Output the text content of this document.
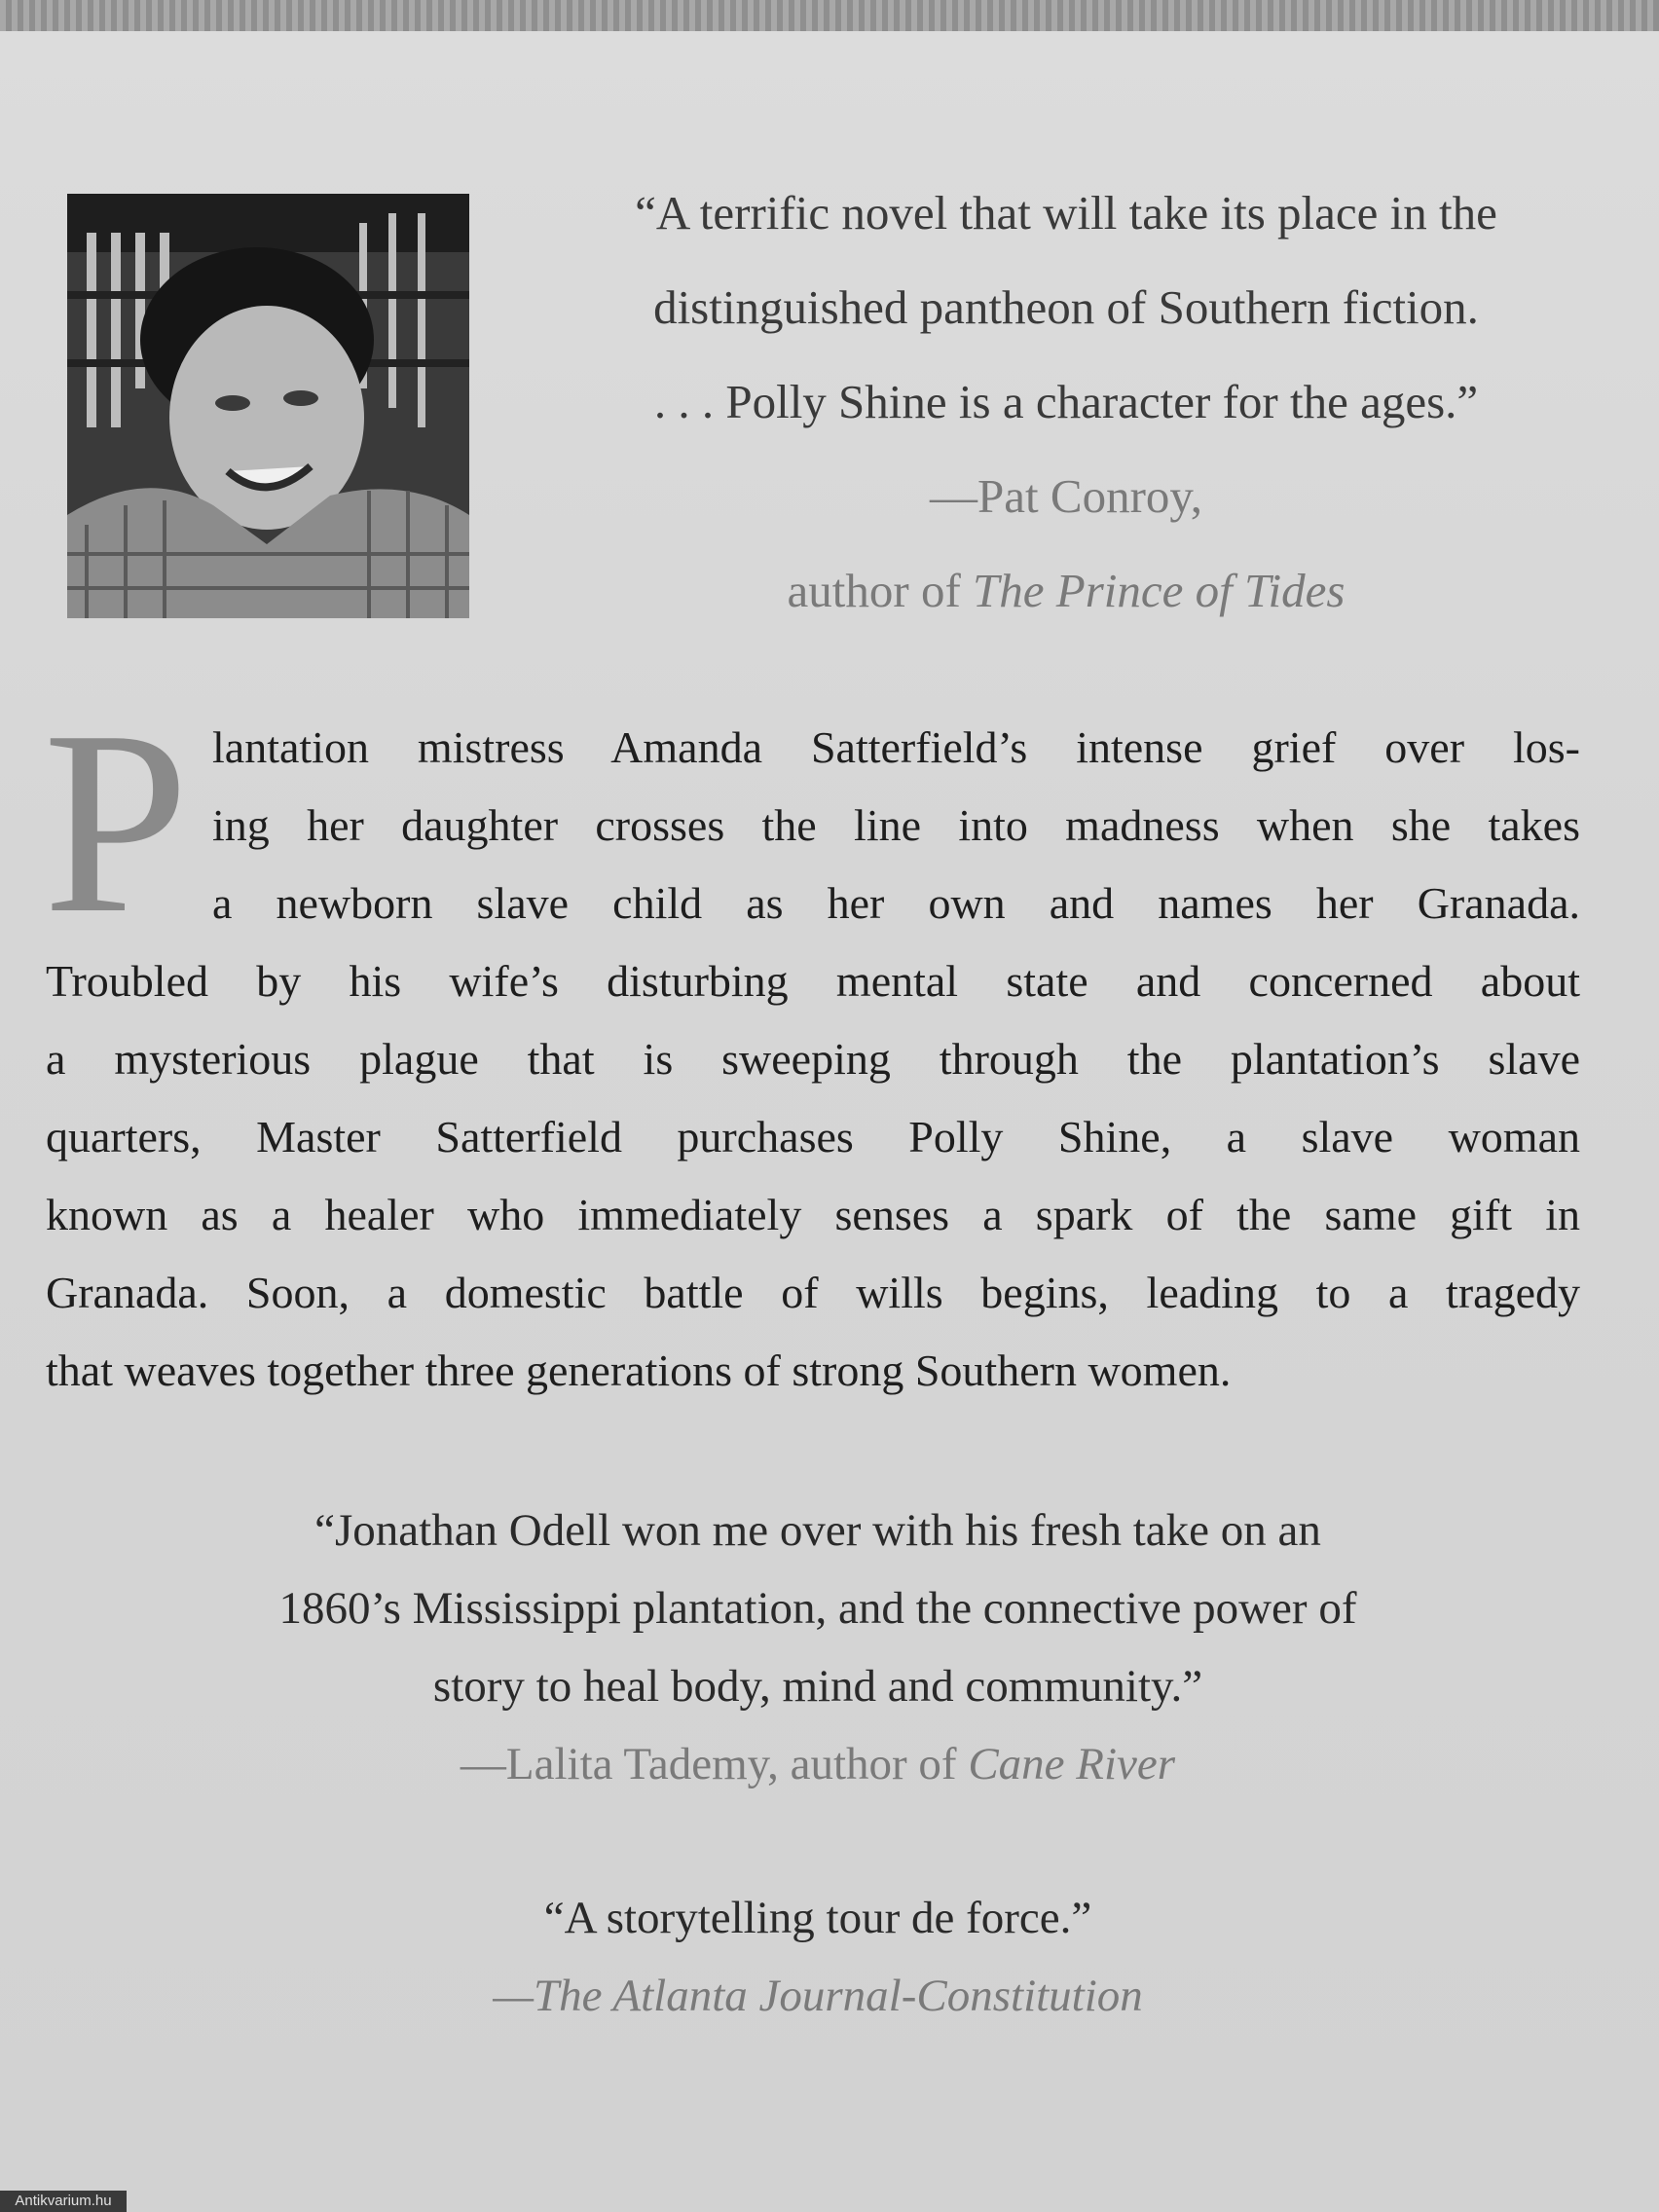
“A terrific novel that will take its place in the
distinguished pantheon of Southern fiction.
. . . Polly Shine is a character for the ages.”
—Pat Conroy,
author of The Prince of Tides
P lantation mistress Amanda Satterfield’s intense grief over los-
ing her daughter crosses the line into madness when she takes
a newborn slave child as her own and names her Granada.
Troubled by his wife’s disturbing mental state and concerned about
a mysterious plague that is sweeping through the plantation’s slave
quarters, Master Satterfield purchases Polly Shine, a slave woman
known as a healer who immediately senses a spark of the same gift in
Granada. Soon, a domestic battle of wills begins, leading to a tragedy
that weaves together three generations of strong Southern women.
“Jonathan Odell won me over with his fresh take on an
1860’s Mississippi plantation, and the connective power of
story to heal body, mind and community.”
—Lalita Tademy, author of Cane River
“A storytelling tour de force.”
—The Atlanta Journal-Constitution
Antikvarium.hu
